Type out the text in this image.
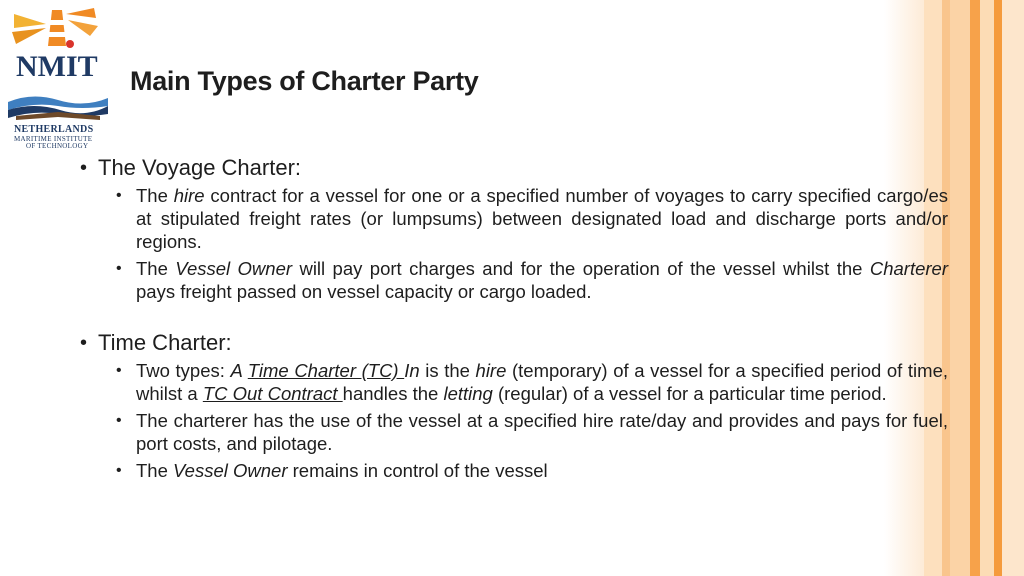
NMIT

NETHERLANDS

MARITIME INSTITUTE
OF TECHNOLOGY

Main Types of Charter Party
• The Voyage Charter:
• The hire contract for a vessel for one or a specified number of voyages to carry specified cargo/es at stipulated freight rates (or lumpsums) between designated load and discharge ports and/or regions.
• The Vessel Owner will pay port charges and for the operation of the vessel whilst the Charterer pays freight passed on vessel capacity or cargo loaded.
• Time Charter:
• Two types: A Time Charter (TC) In is the hire (temporary) of a vessel for a specified period of time, whilst a TC Out Contract handles the letting (regular) of a vessel for a particular time period.
• The charterer has the use of the vessel at a specified hire rate/day and provides and pays for fuel, port costs, and pilotage.
• The Vessel Owner remains in control of the vessel
